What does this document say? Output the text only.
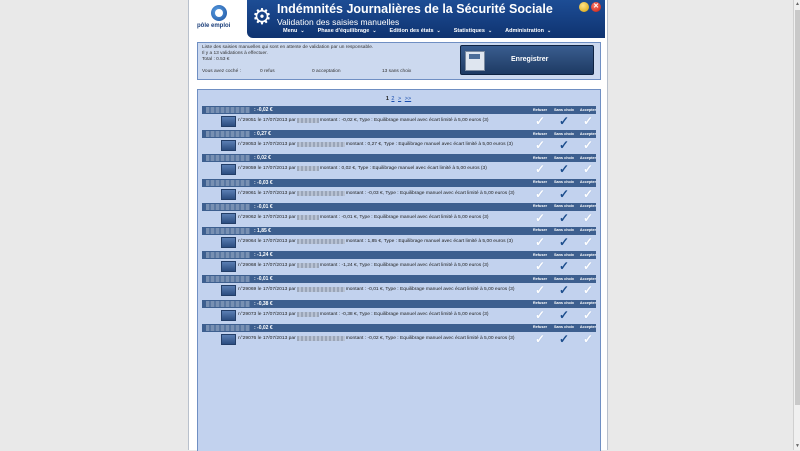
pôle emploi ⚙ Indémnités Journalières de la Sécurité Sociale
Validation des saisies manuelles
✕
Menu ⌄ Phase d'équilibrage ⌄ Edition des états ⌄ Statistiques ⌄ Administration ⌄
Liste des saisies manuelles qui sont en attente de validation par un responsable.
Il y a 13 validations à effectuer.
Total : 0.53 €
Vous avez coché :	0 refus	0 acceptation	13 sans choix
Enregistrer
1 2 > >>
: -0,02 €	Refuser	Sans choix	Accepter
n°29051
le
17/07/2013
par	montant :
-0,02 € , Type : Equilibrage manuel avec écart limité à 5,00 euros (3)	✓	✓	✓
: 0,27 €	Refuser	Sans choix	Accepter
n°29053
le
17/07/2013
par	montant :
0,27 € , Type : Equilibrage manuel avec écart limité à 5,00 euros (3)	✓	✓	✓
: 0,02 €	Refuser	Sans choix	Accepter
n°29059
le
17/07/2013
par	montant :
0,02 € , Type : Equilibrage manuel avec écart limité à 5,00 euros (3)	✓	✓	✓
: -0,03 €	Refuser	Sans choix	Accepter
n°29061
le
17/07/2013
par	montant :
-0,03 € , Type : Equilibrage manuel avec écart limité à 5,00 euros (3)	✓	✓	✓
: -0,01 €	Refuser	Sans choix	Accepter
n°29062
le
17/07/2013
par	montant :
-0,01 € , Type : Equilibrage manuel avec écart limité à 5,00 euros (3)	✓	✓	✓
: 1,85 €	Refuser	Sans choix	Accepter
n°29064
le
17/07/2013
par	montant :
1,85 € , Type : Equilibrage manuel avec écart limité à 5,00 euros (3)	✓	✓	✓
: -1,24 €	Refuser	Sans choix	Accepter
n°29068
le
17/07/2013
par	montant :
-1,24 € , Type : Equilibrage manuel avec écart limité à 5,00 euros (3)	✓	✓	✓
: -0,01 €	Refuser	Sans choix	Accepter
n°29069
le
17/07/2013
par	montant :
-0,01 € , Type : Equilibrage manuel avec écart limité à 5,00 euros (3)	✓	✓	✓
: -0,38 €	Refuser	Sans choix	Accepter
n°29073
le
17/07/2013
par	montant :
-0,38 € , Type : Equilibrage manuel avec écart limité à 5,00 euros (3)	✓	✓	✓
: -0,02 €	Refuser	Sans choix	Accepter
n°29076
le
17/07/2013
par	montant :
-0,02 € , Type : Equilibrage manuel avec écart limité à 5,00 euros (3)	✓	✓	✓
▲
▼
